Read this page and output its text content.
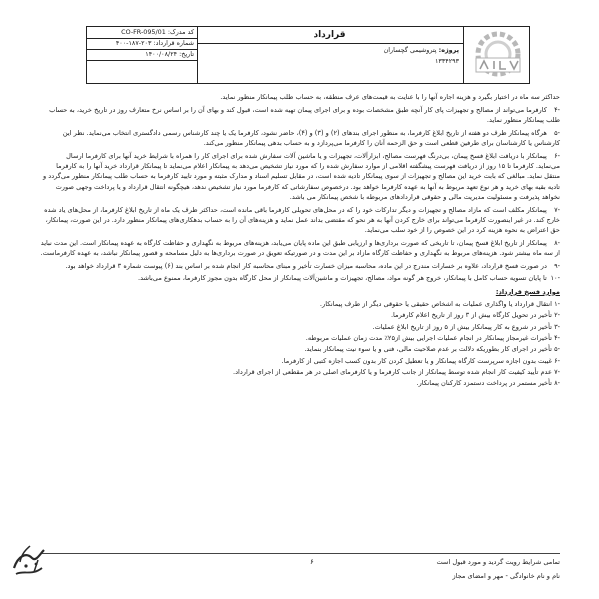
قرارداد
کد مدرک: CO-FR-095/01
شماره قرارداد: ۲۰۳-۱۸۷-۴۰۰
تاریخ: ۱۴۰۰/۰۸/۲۴	پروژه: پتروشیمی گچساران
۱۳۳۴۲۹۳

حداکثر سه ماه در اختیار بگیرد و هزینه اجاره آنها را با عنایت به قیمت‌های عرف منطقه، به حساب طلب پیمانکار منظور نماید.

-۴ کارفرما می‌تواند از مصالح و تجهیزات پای کار آنچه طبق مشخصات بوده و برای اجرای پیمان تهیه شده است، قبول کند و بهای آن را بر اساس نرخ متعارف روز در تاریخ خرید، به حساب طلب پیمانکار منظور نماید.

-۵ هرگاه پیمانکار ظرف دو هفته از تاریخ ابلاغ کارفرما، به منظور اجرای بندهای (۲) و (۳) و (۴)، حاضر نشود، کارفرما یک یا چند کارشناس رسمی دادگستری انتخاب می‌نماید. نظر این کارشناس یا کارشناسان برای طرفین قطعی است و حق الزحمه آنان را کارفرما می‌پردازد و به حساب بدهی پیمانکار منظور می‌کند.

-۶ پیمانکار با دریافت ابلاغ فسخ پیمان، بی‌درنگ فهرست مصالح، ابزارآلات، تجهیزات و یا ماشین آلات سفارش شده برای اجرای کار را همراه با شرایط خرید آنها برای کارفرما ارسال می‌نماید. کارفرما تا ۱۵ روز از دریافت فهرست پیشگفته اقلامی از موارد سفارش شده را که مورد نیاز تشخیص می‌دهد به پیمانکار اعلام می‌نماید تا پیمانکار قرارداد خرید آنها را به کارفرما منتقل نماید. مبالغی که بابت خرید این مصالح و تجهیزات از سوی پیمانکار تادیه شده است، در مقابل تسلیم اسناد و مدارک مثبته و مورد تایید کارفرما به حساب طلب پیمانکار منظور می‌گردد و تادیه بقیه بهای خرید و هر نوع تعهد مربوط به آنها به عهده کارفرما خواهد بود. درخصوص سفارشاتی که کارفرما مورد نیاز تشخیص ندهد، هیچگونه انتقال قرارداد و یا پرداخت وجهی صورت نخواهد پذیرفت و مسئولیت مدیریت مالی و حقوقی قراردادهای مربوطه با شخص پیمانکار می باشد.

-۷ پیمانکار مکلف است که مازاد مصالح و تجهیزات و دیگر تدارکات خود را که در محل‌های تحویلی کارفرما باقی مانده است، حداکثر ظرف یک ماه از تاریخ ابلاغ کارفرما، از محل‌های یاد شده خارج کند. در غیر اینصورت کارفرما می‌تواند برای خارج کردن آنها به هر نحو که مقتضی بداند عمل نماید و هزینه‌های آن را به حساب بدهکاری‌های پیمانکار منظور دارد. در این صورت، پیمانکار، حق اعتراض به نحوه هزینه کرد در این خصوص را از خود سلب می‌نماید.

-۸ پیمانکار از تاریخ ابلاغ فسخ پیمان، تا تاریخی که صورت برداری‌ها و ارزیابی طبق این ماده پایان می‌یابد، هزینه‌های مربوط به نگهداری و حفاظت کارگاه به عهده پیمانکار است. این مدت نباید از سه ماه بیشتر شود. هزینه‌های مربوط به نگهداری و حفاظت کارگاه مازاد بر این مدت و در صورتیکه تعویق در صورت برداری‌ها به دلیل مسامحه و قصور پیمانکار نباشد، به عهده کارفرماست.

-۹ در صورت فسخ قرارداد، علاوه بر خسارات مندرج در این ماده، محاسبه میزان خسارت تأخیر و مبنای محاسبه کار انجام شده بر اساس بند (۶) پیوست شماره ۳ قرارداد خواهد بود.

-۱۰ تا پایان تسویه حساب کامل با پیمانکار، خروج هر گونه مواد، مصالح، تجهیزات و ماشین‌آلات پیمانکار از محل کارگاه بدون مجوز کارفرما، ممنوع می‌باشد.

موارد فسخ قرارداد:
-۱ انتقال قرارداد یا واگذاری عملیات به اشخاص حقیقی یا حقوقی دیگر از طرف پیمانکار.
-۲ تأخیر در تحویل کارگاه بیش از ۳ روز از تاریخ اعلام کارفرما.
-۳ تأخیر در شروع به کار پیمانکار بیش از ۵ روز از تاریخ ابلاغ عملیات.
-۴ تأخیرات غیرمجاز پیمانکار در انجام عملیات اجرایی بیش از۲۵٪ مدت زمان عملیات مربوطه.
-۵ تأخیر در اجرای کار بطوریکه دلالت بر عدم صلاحیت مالی، فنی و یا سوء نیت پیمانکار بنماید.
-۶ غیبت بدون اجازه سرپرست کارگاه پیمانکار و یا تعطیل کردن کار بدون کسب اجازه کتبی از کارفرما.
-۷ عدم تأیید کیفیت کار انجام شده توسط پیمانکار از جانب کارفرما و یا کارفرمای اصلی در هر مقطعی از اجرای قرارداد.
-۸ تأخیر مستمر در پرداخت دستمزد کارکنان پیمانکار.
۶	تمامی شرایط رویت گردید و مورد قبول است
نام و نام خانوادگی - مهر و امضای مجاز
